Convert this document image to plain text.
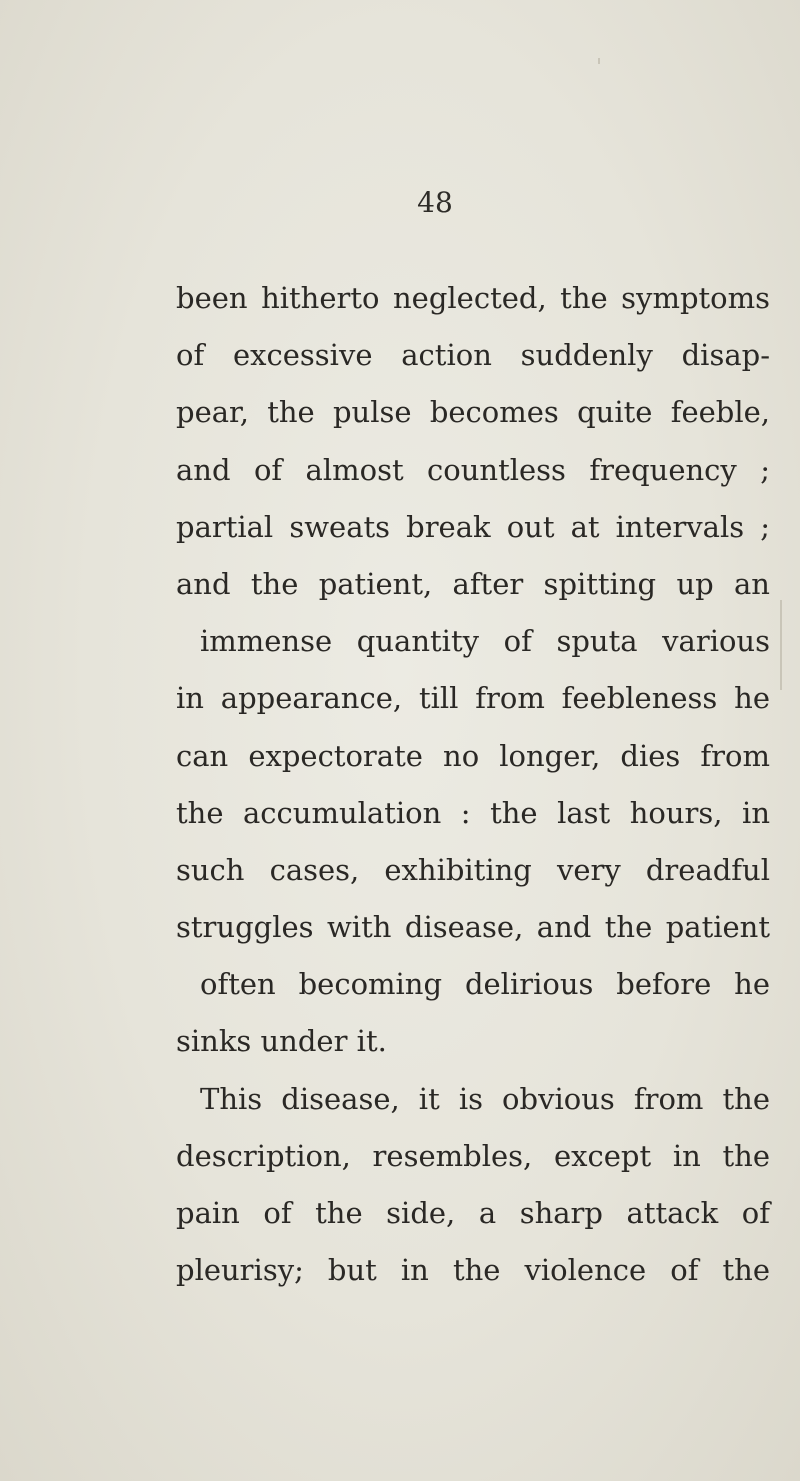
48
been hitherto neglected, the symptoms
of excessive action suddenly disap-
pear, the pulse becomes quite feeble,
and of almost countless frequency ;
partial sweats break out at intervals ;
and the patient, after spitting up an
immense quantity of sputa various
in appearance, till from feebleness he
can expectorate no longer, dies from
the accumulation : the last hours, in
such cases, exhibiting very dreadful
struggles with disease, and the patient
often becoming delirious before he
sinks under it.
This disease, it is obvious from the
description, resembles, except in the
pain of the side, a sharp attack of
pleurisy; but in the violence of the
